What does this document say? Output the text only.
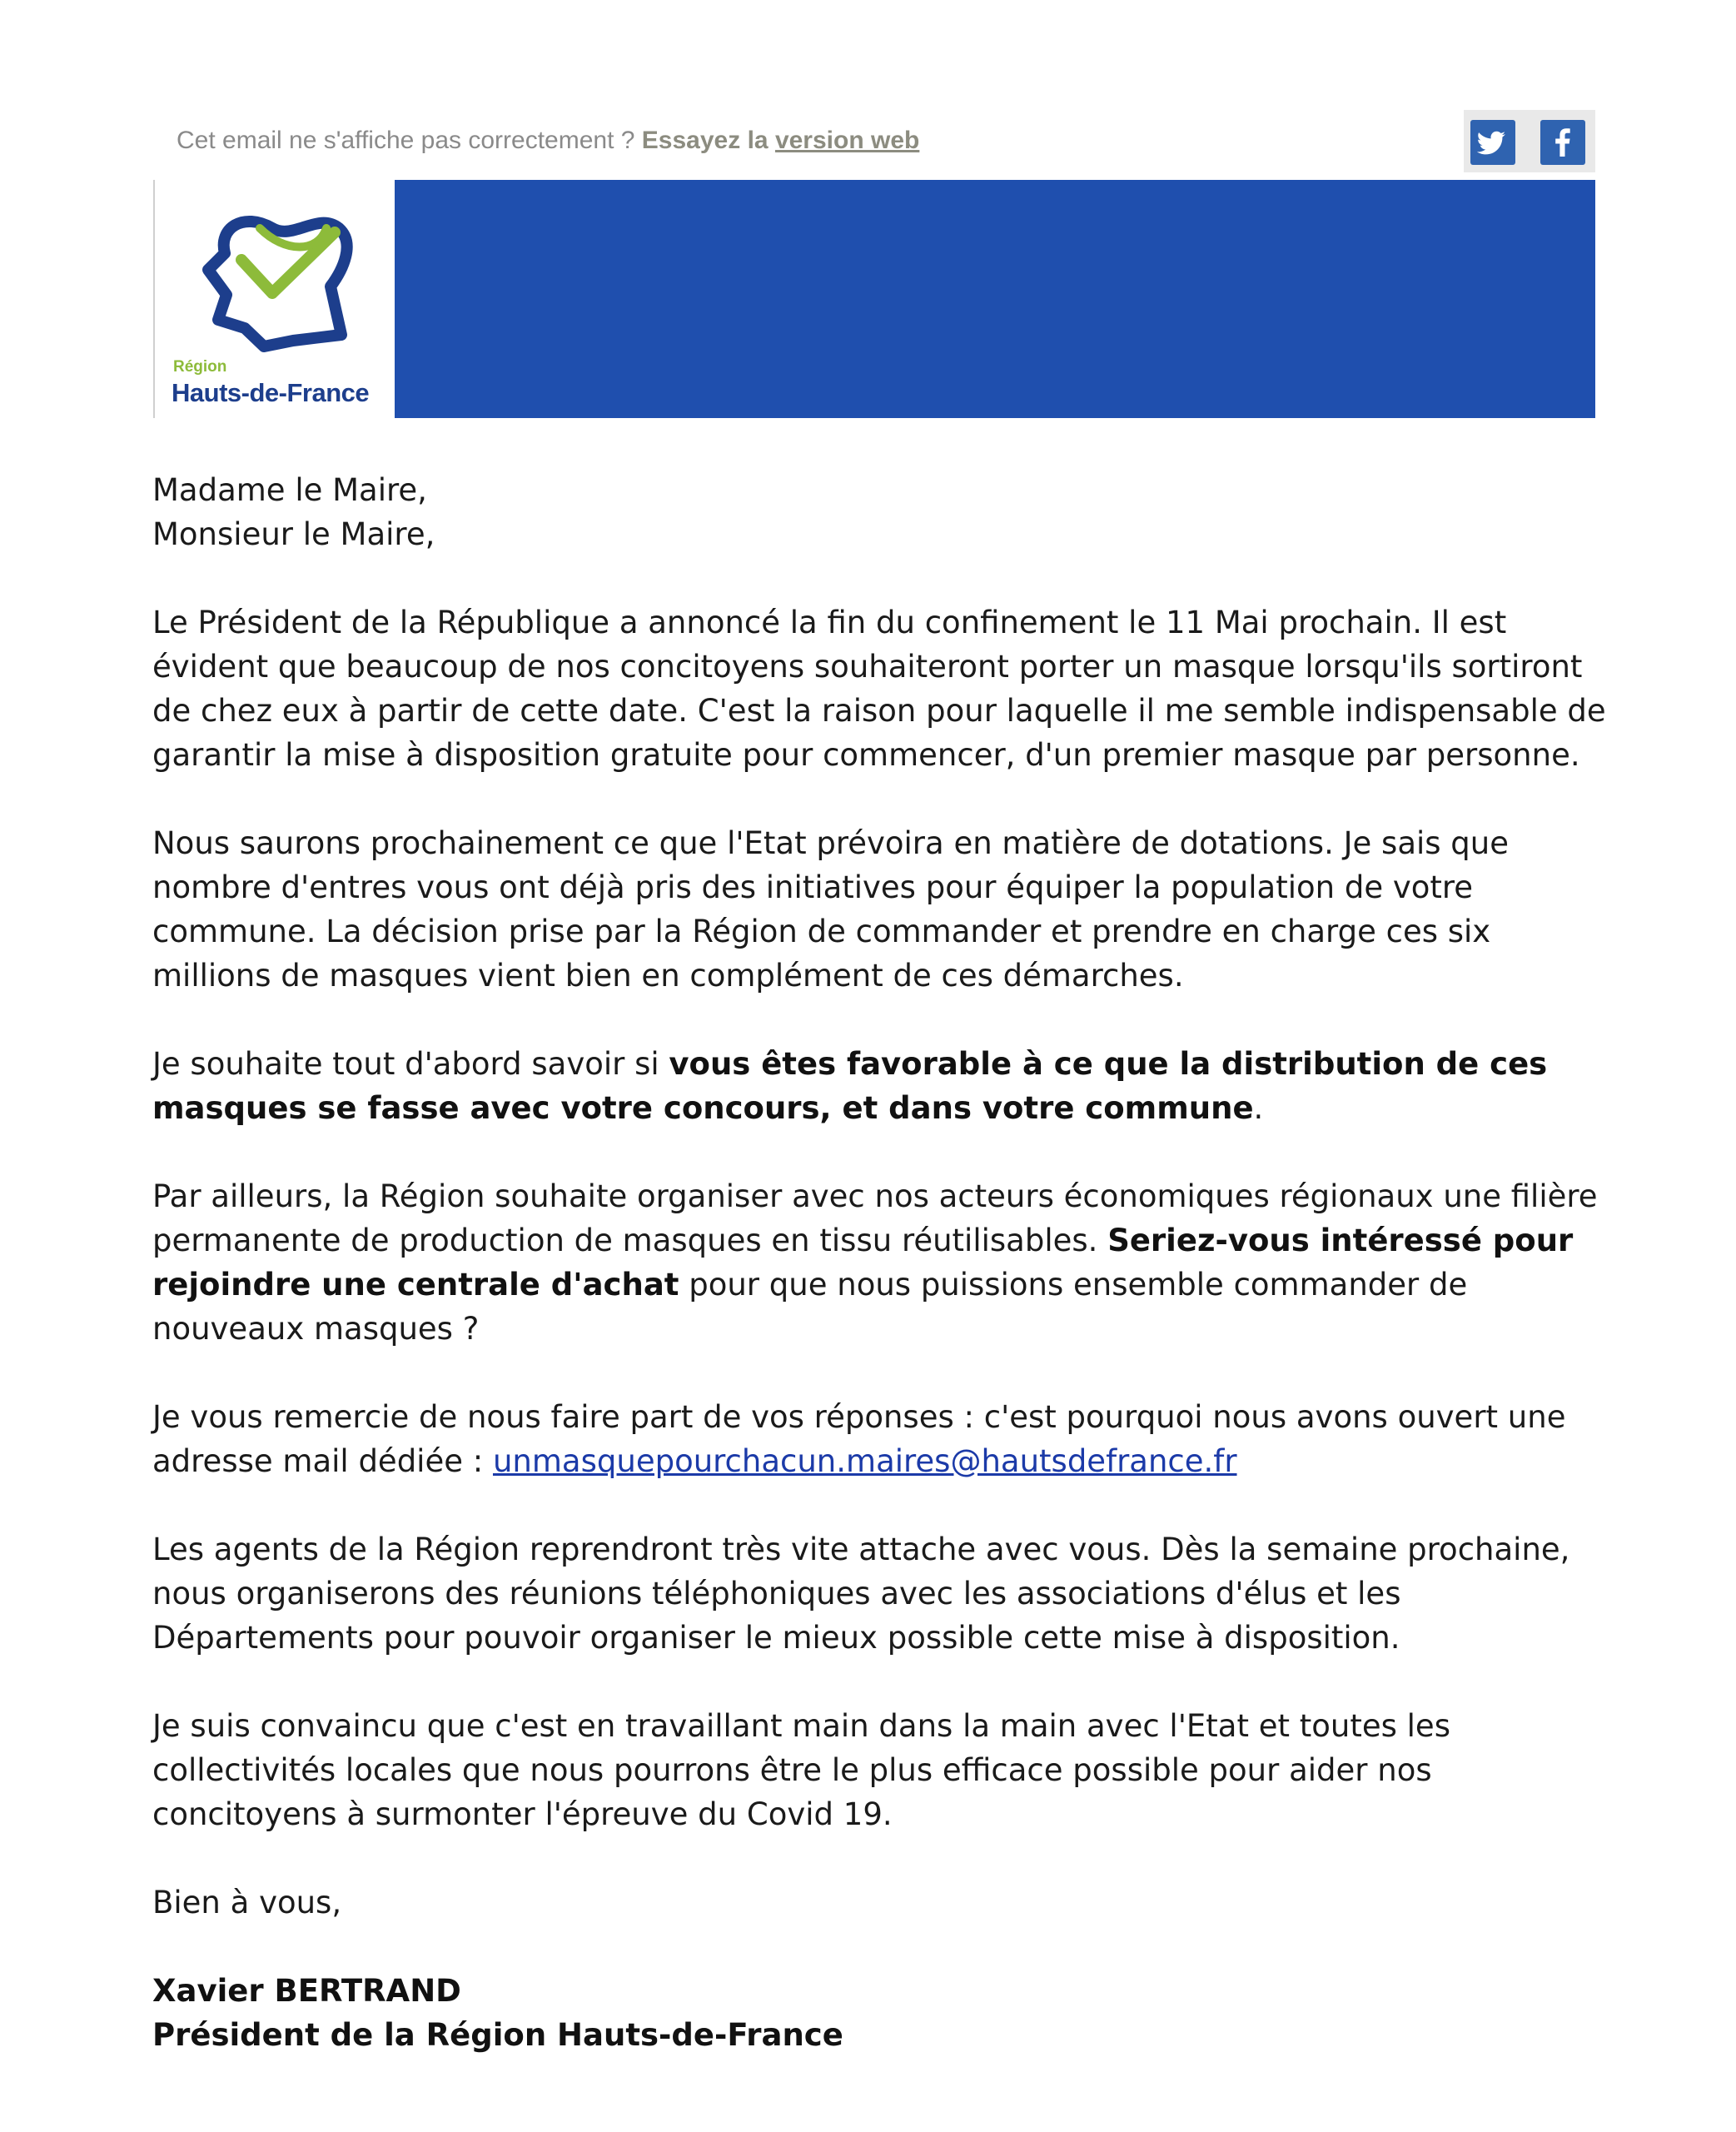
Cet email ne s'affiche pas correctement ? Essayez la version web
Région
Hauts-de-France

Madame le Maire,

Monsieur le Maire,

Le Président de la République a annoncé la fin du confinement le 11 Mai prochain. Il est évident que beaucoup de nos concitoyens souhaiteront porter un masque lorsqu'ils sortiront de chez eux à partir de cette date. C'est la raison pour laquelle il me semble indispensable de garantir la mise à disposition gratuite pour commencer, d'un premier masque par personne.

Nous saurons prochainement ce que l'Etat prévoira en matière de dotations. Je sais que nombre d'entres vous ont déjà pris des initiatives pour équiper la population de votre commune. La décision prise par la Région de commander et prendre en charge ces six millions de masques vient bien en complément de ces démarches.

Je souhaite tout d'abord savoir si vous êtes favorable à ce que la distribution de ces masques se fasse avec votre concours, et dans votre commune.

Par ailleurs, la Région souhaite organiser avec nos acteurs économiques régionaux une filière permanente de production de masques en tissu réutilisables. Seriez-vous intéressé pour rejoindre une centrale d'achat pour que nous puissions ensemble commander de nouveaux masques ?

Je vous remercie de nous faire part de vos réponses : c'est pourquoi nous avons ouvert une adresse mail dédiée : unmasquepourchacun.maires@hautsdefrance.fr

Les agents de la Région reprendront très vite attache avec vous. Dès la semaine prochaine, nous organiserons des réunions téléphoniques avec les associations d'élus et les Départements pour pouvoir organiser le mieux possible cette mise à disposition.

Je suis convaincu que c'est en travaillant main dans la main avec l'Etat et toutes les collectivités locales que nous pourrons être le plus efficace possible pour aider nos concitoyens à surmonter l'épreuve du Covid 19.

Bien à vous,

Xavier BERTRAND

Président de la Région Hauts-de-France
